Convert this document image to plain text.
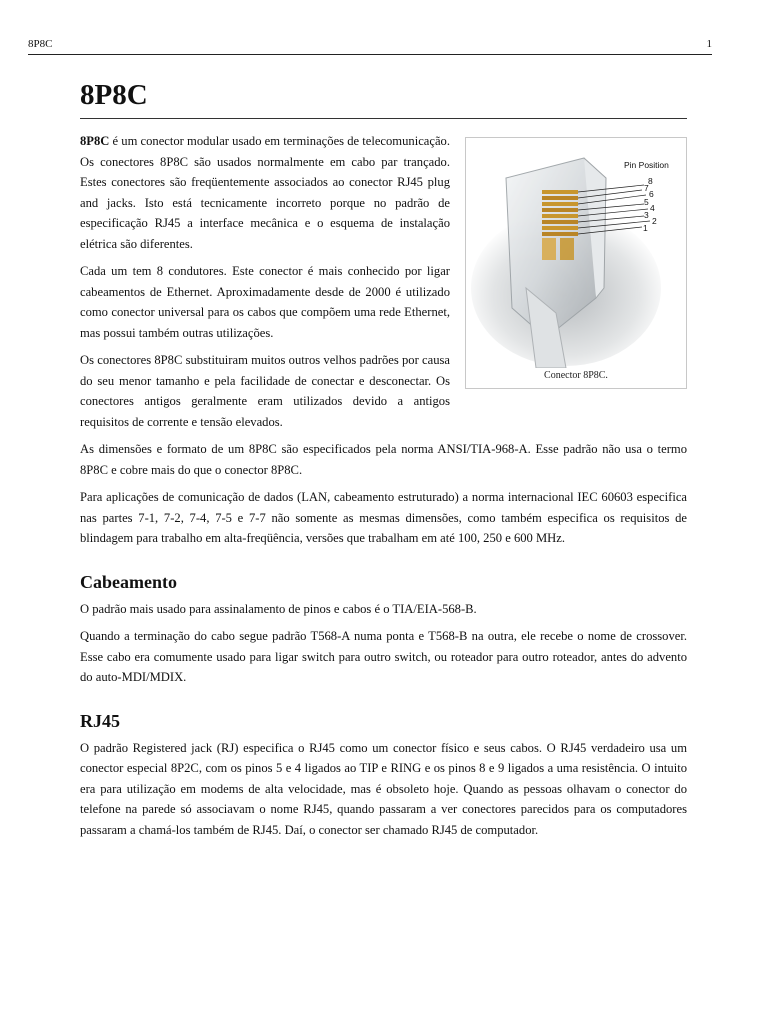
8P8C	1
8P8C

8P8C é um conector modular usado em terminações de telecomunicação. Os conectores 8P8C são usados normalmente em cabo par trançado. Estes conectores são freqüentemente associados ao conector RJ45 plug and jacks. Isto está tecnicamente incorreto porque no padrão de especificação RJ45 a interface mecânica e o esquema de instalação elétrica são diferentes.

Cada um tem 8 condutores. Este conector é mais conhecido por ligar cabeamentos de Ethernet. Aproximadamente desde de 2000 é utilizado como conector universal para os cabos que compõem uma rede Ethernet, mas possui também outras utilizações.

Os conectores 8P8C substituiram muitos outros velhos padrões por causa do seu menor tamanho e pela facilidade de conectar e desconectar. Os conectores antigos geralmente eram utilizados devido a antigos requisitos de corrente e tensão elevados.

Pin Position
8
7
6
5
4
3
2
1
Conector 8P8C.

As dimensões e formato de um 8P8C são especificados pela norma ANSI/TIA-968-A. Esse padrão não usa o termo 8P8C e cobre mais do que o conector 8P8C.

Para aplicações de comunicação de dados (LAN, cabeamento estruturado) a norma internacional IEC 60603 especifica nas partes 7-1, 7-2, 7-4, 7-5 e 7-7 não somente as mesmas dimensões, como também especifica os requisitos de blindagem para trabalho em alta-freqüência, versões que trabalham em até 100, 250 e 600 MHz.

Cabeamento

O padrão mais usado para assinalamento de pinos e cabos é o TIA/EIA-568-B.

Quando a terminação do cabo segue padrão T568-A numa ponta e T568-B na outra, ele recebe o nome de crossover. Esse cabo era comumente usado para ligar switch para outro switch, ou roteador para outro roteador, antes do advento do auto-MDI/MDIX.

RJ45

O padrão Registered jack (RJ) especifica o RJ45 como um conector físico e seus cabos. O RJ45 verdadeiro usa um conector especial 8P2C, com os pinos 5 e 4 ligados ao TIP e RING e os pinos 8 e 9 ligados a uma resistência. O intuito era para utilização em modems de alta velocidade, mas é obsoleto hoje. Quando as pessoas olhavam o conector do telefone na parede só associavam o nome RJ45, quando passaram a ver conectores parecidos para os computadores passaram a chamá-los também de RJ45. Daí, o conector ser chamado RJ45 de computador.
